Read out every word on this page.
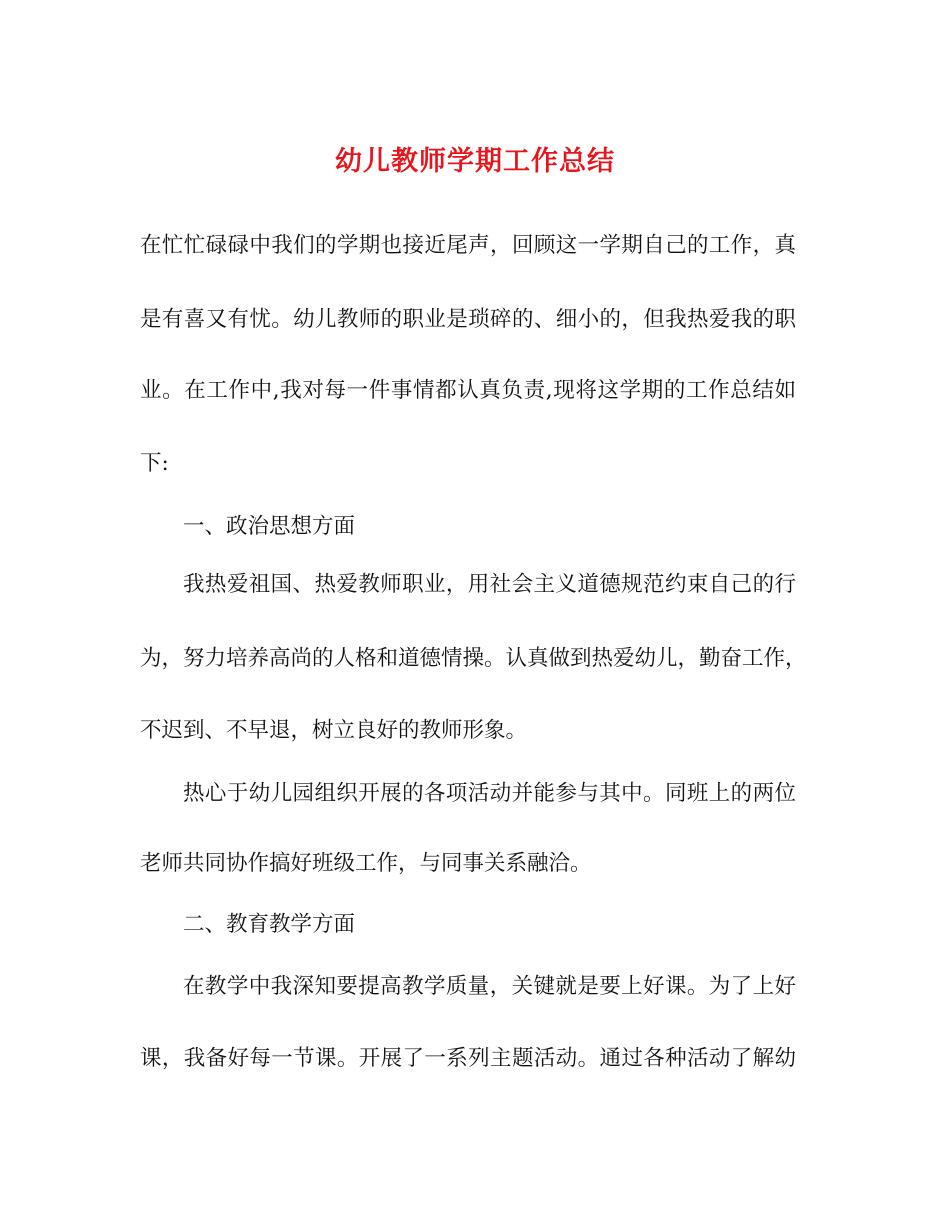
幼儿教师学期工作总结
在忙忙碌碌中我们的学期也接近尾声，回顾这一学期自己的工作，真
是有喜又有忧。幼儿教师的职业是琐碎的、细小的，但我热爱我的职
业。在工作中,我对每一件事情都认真负责,现将这学期的工作总结如
下:
一、政治思想方面
我热爱祖国、热爱教师职业，用社会主义道德规范约束自己的行
为，努力培养高尚的人格和道德情操。认真做到热爱幼儿，勤奋工作，
不迟到、不早退，树立良好的教师形象。
热心于幼儿园组织开展的各项活动并能参与其中。同班上的两位
老师共同协作搞好班级工作，与同事关系融洽。
二、教育教学方面
在教学中我深知要提高教学质量，关键就是要上好课。为了上好
课，我备好每一节课。开展了一系列主题活动。通过各种活动了解幼
